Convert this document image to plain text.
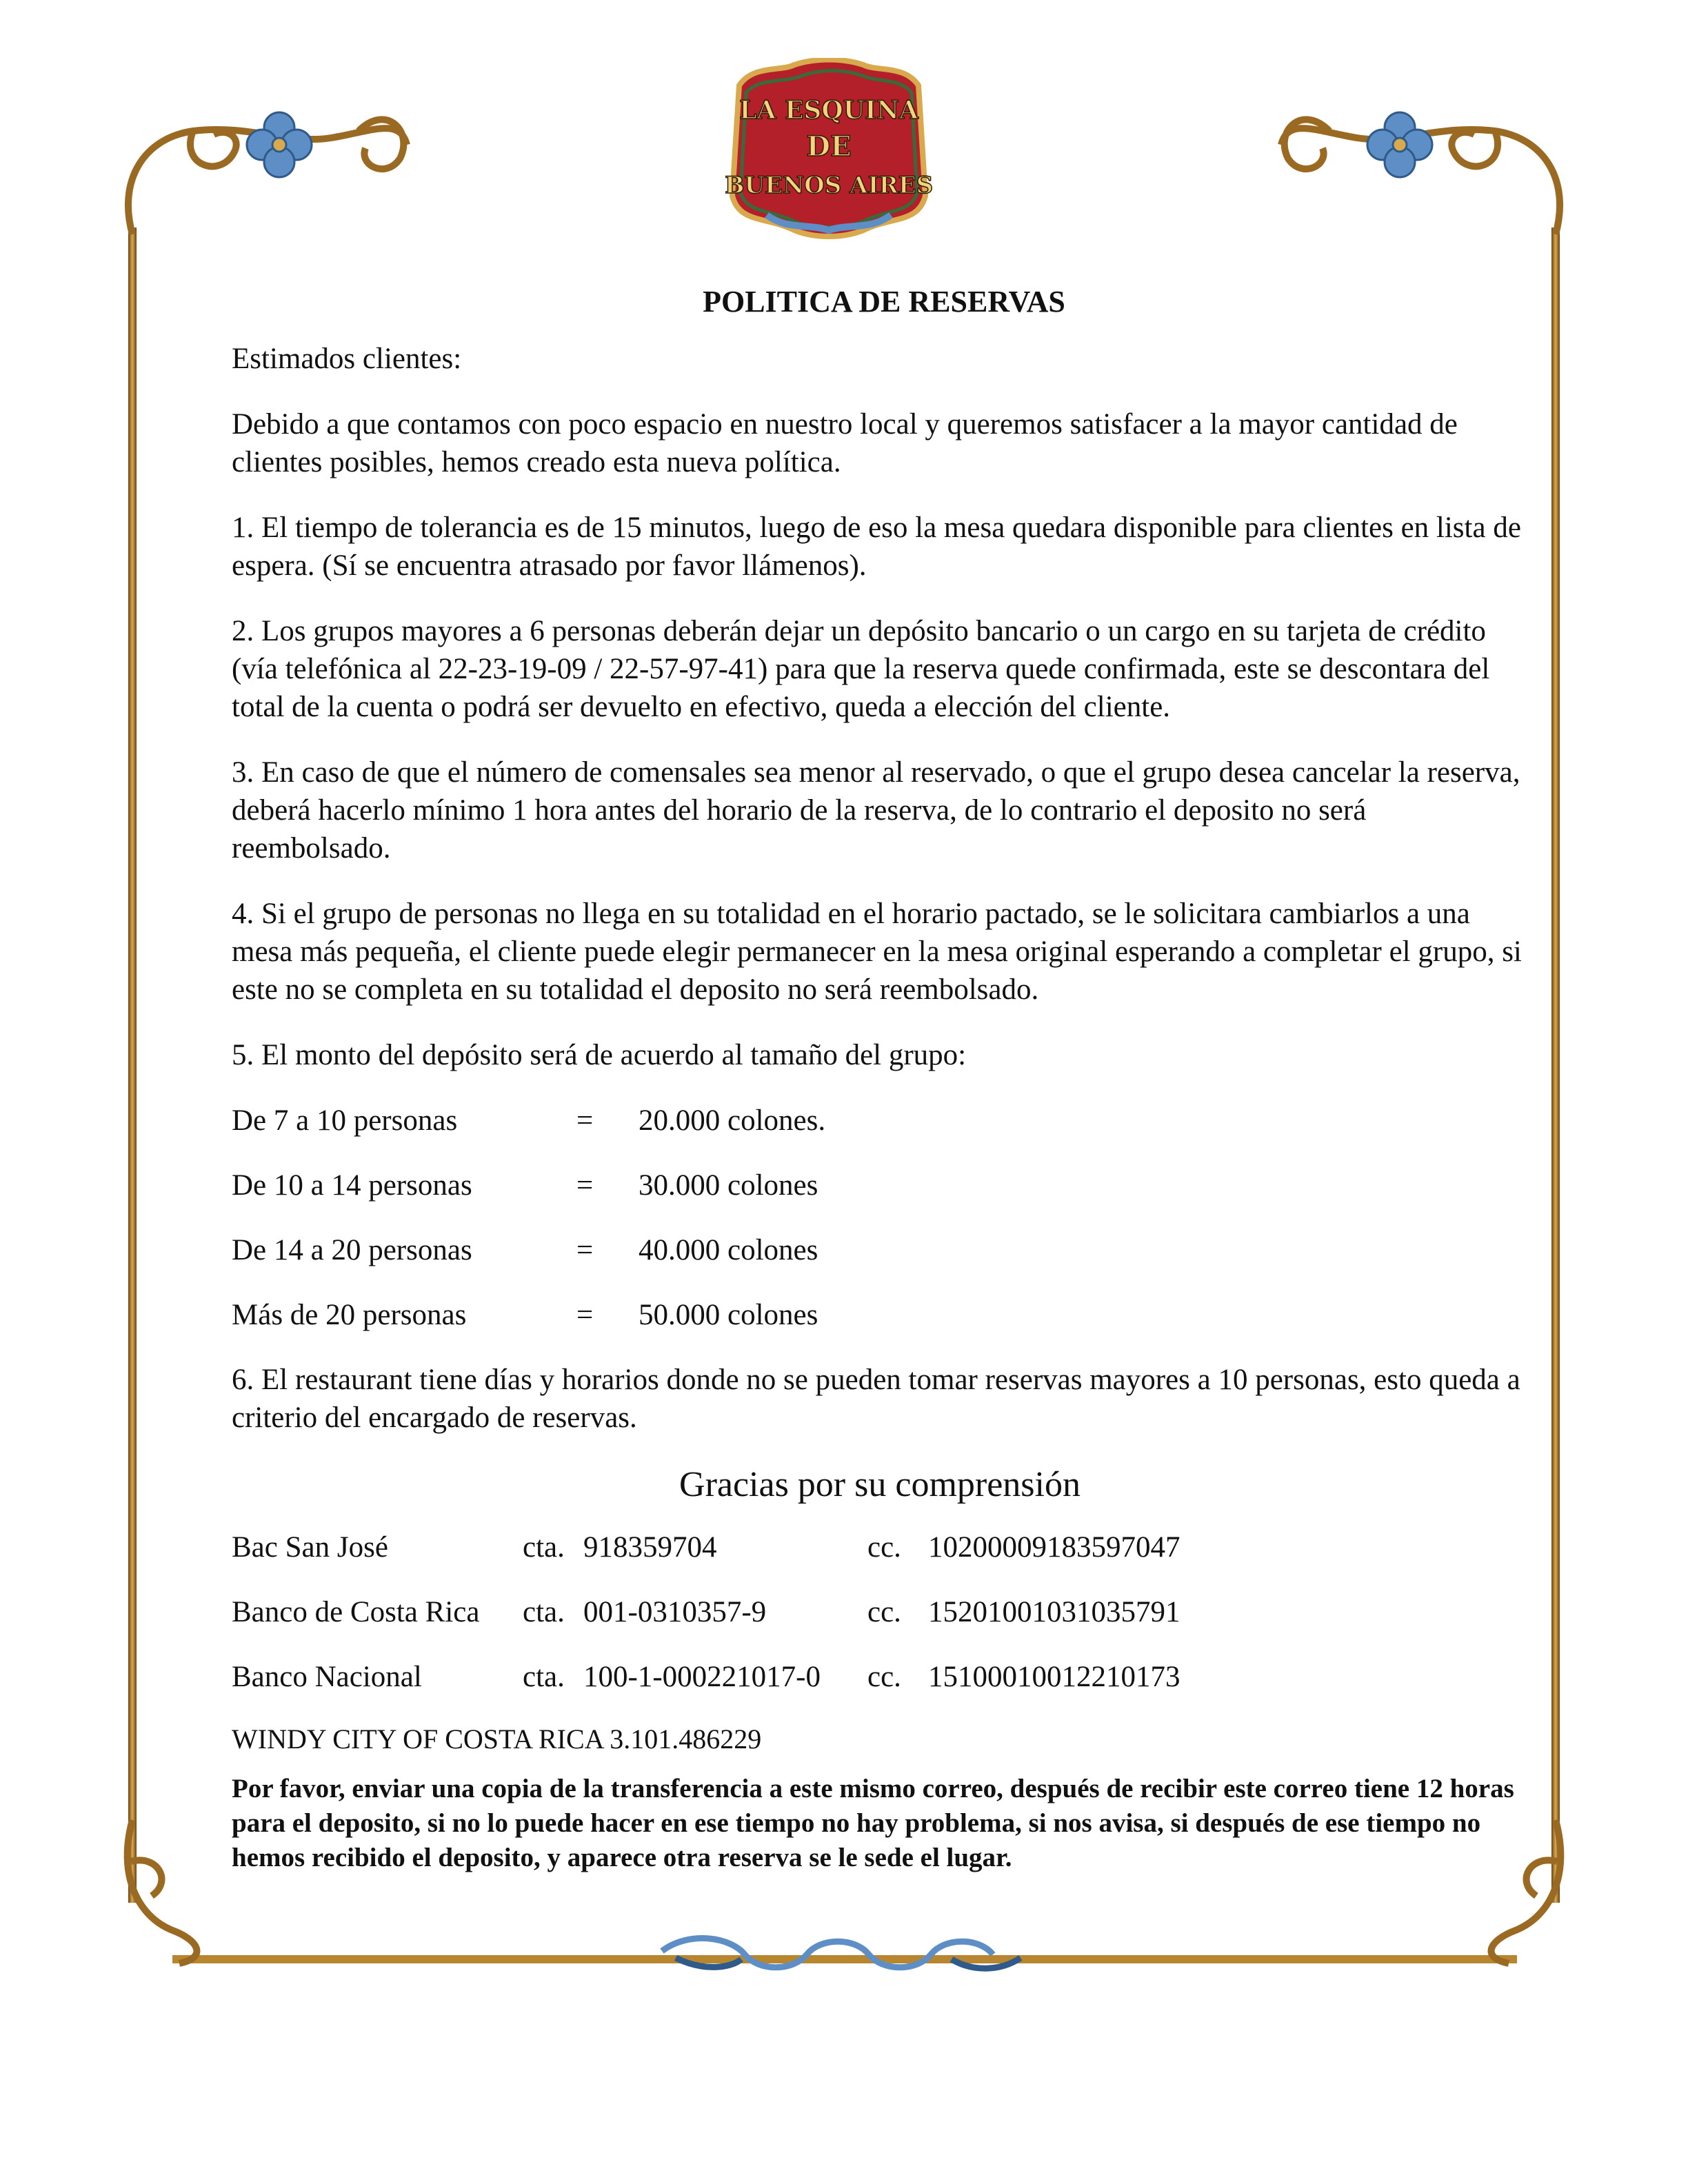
LA ESQUINA
DE
BUENOS AIRES
POLITICA DE RESERVAS

Estimados clientes:

Debido a que contamos con poco espacio en nuestro local y queremos satisfacer a la mayor cantidad de clientes posibles, hemos creado esta nueva política.

1. El tiempo de tolerancia es de 15 minutos, luego de eso la mesa quedara disponible para clientes en lista de espera. (Sí se encuentra atrasado por favor llámenos).

2. Los grupos mayores a 6 personas deberán dejar un depósito bancario o un cargo en su tarjeta de crédito (vía telefónica al 22-23-19-09 / 22-57-97-41) para que la reserva quede confirmada, este se descontara del total de la cuenta o podrá ser devuelto en efectivo, queda a elección del cliente.

3. En caso de que el número de comensales sea menor al reservado, o que el grupo desea cancelar la reserva, deberá hacerlo mínimo 1 hora antes del horario de la reserva, de lo contrario el deposito no será reembolsado.

4. Si el grupo de personas no llega en su totalidad en el horario pactado, se le solicitara cambiarlos a una mesa más pequeña, el cliente puede elegir permanecer en la mesa original esperando a completar el grupo, si este no se completa en su totalidad el deposito no será reembolsado.

5. El monto del depósito será de acuerdo al tamaño del grupo:

De 7 a 10 personas	=	20.000 colones.
De 10 a 14 personas	=	30.000 colones
De 14 a 20 personas	=	40.000 colones
Más de 20 personas	=	50.000 colones

6. El restaurant tiene días y horarios donde no se pueden tomar reservas mayores a 10 personas, esto queda a criterio del encargado de reservas.

Gracias por su comprensión
Bac San José	cta. 918359704	cc. 10200009183597047
Banco de Costa Rica	cta. 001-0310357-9	cc. 15201001031035791
Banco Nacional	cta. 100-1-000221017-0	cc. 15100010012210173
WINDY CITY OF COSTA RICA 3.101.486229

Por favor, enviar una copia de la transferencia a este mismo correo, después de recibir este correo tiene 12 horas para el deposito, si no lo puede hacer en ese tiempo no hay problema, si nos avisa, si después de ese tiempo no hemos recibido el deposito, y aparece otra reserva se le sede el lugar.
